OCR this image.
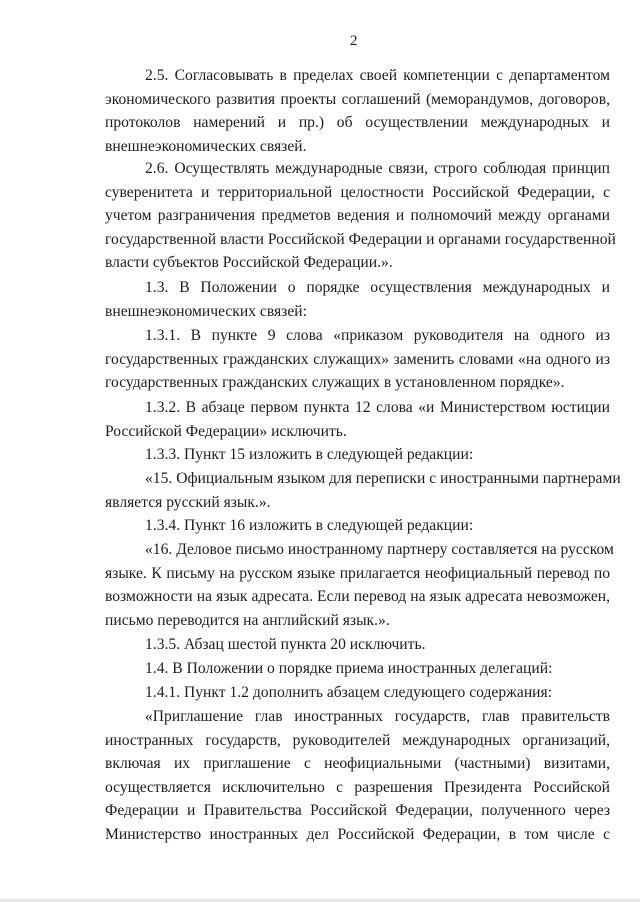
2
2.5. Согласовывать в пределах своей компетенции с департаментом
экономического развития проекты соглашений (меморандумов, договоров,
протоколов намерений и пр.) об осуществлении международных и
внешнеэкономических связей.
2.6. Осуществлять международные связи, строго соблюдая принцип
суверенитета и территориальной целостности Российской Федерации, с
учетом разграничения предметов ведения и полномочий между органами
государственной власти Российской Федерации и органами государственной
власти субъектов Российской Федерации.».
1.3. В Положении о порядке осуществления международных и
внешнеэкономических связей:
1.3.1. В пункте 9 слова «приказом руководителя на одного из
государственных гражданских служащих» заменить словами «на одного из
государственных гражданских служащих в установленном порядке».
1.3.2. В абзаце первом пункта 12 слова «и Министерством юстиции
Российской Федерации» исключить.
1.3.3. Пункт 15 изложить в следующей редакции:
«15. Официальным языком для переписки с иностранными партнерами
является русский язык.».
1.3.4. Пункт 16 изложить в следующей редакции:
«16. Деловое письмо иностранному партнеру составляется на русском
языке. К письму на русском языке прилагается неофициальный перевод по
возможности на язык адресата. Если перевод на язык адресата невозможен,
письмо переводится на английский язык.».
1.3.5. Абзац шестой пункта 20 исключить.
1.4. В Положении о порядке приема иностранных делегаций:
1.4.1. Пункт 1.2 дополнить абзацем следующего содержания:
«Приглашение глав иностранных государств, глав правительств
иностранных государств, руководителей международных организаций,
включая их приглашение с неофициальными (частными) визитами,
осуществляется исключительно с разрешения Президента Российской
Федерации и Правительства Российской Федерации, полученного через
Министерство иностранных дел Российской Федерации, в том числе с
